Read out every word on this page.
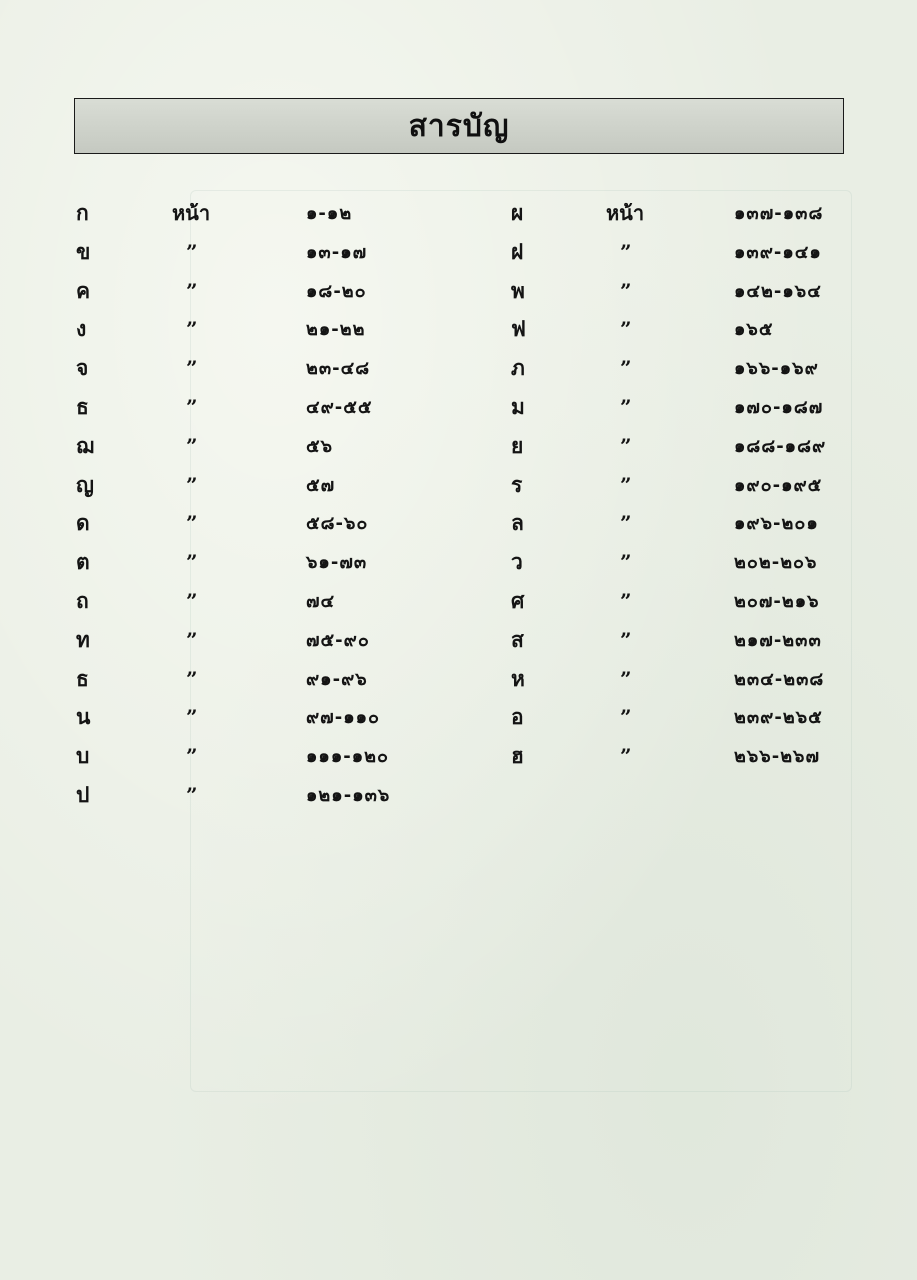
สารบัญ
ก	หน้า	๑-๑๒
ข	”	๑๓-๑๗
ค	”	๑๘-๒๐
ง	”	๒๑-๒๒
จ	”	๒๓-๔๘
ธ	”	๔๙-๕๕
ฌ	”	๕๖
ญ	”	๕๗
ด	”	๕๘-๖๐
ต	”	๖๑-๗๓
ถ	”	๗๔
ท	”	๗๕-๙๐
ธ	”	๙๑-๙๖
น	”	๙๗-๑๑๐
บ	”	๑๑๑-๑๒๐
ป	”	๑๒๑-๑๓๖
ผ	หน้า	๑๓๗-๑๓๘
ฝ	”	๑๓๙-๑๔๑
พ	”	๑๔๒-๑๖๔
ฟ	”	๑๖๕
ภ	”	๑๖๖-๑๖๙
ม	”	๑๗๐-๑๘๗
ย	”	๑๘๘-๑๘๙
ร	”	๑๙๐-๑๙๕
ล	”	๑๙๖-๒๐๑
ว	”	๒๐๒-๒๐๖
ศ	”	๒๐๗-๒๑๖
ส	”	๒๑๗-๒๓๓
ห	”	๒๓๔-๒๓๘
อ	”	๒๓๙-๒๖๕
ฮ	”	๒๖๖-๒๖๗
